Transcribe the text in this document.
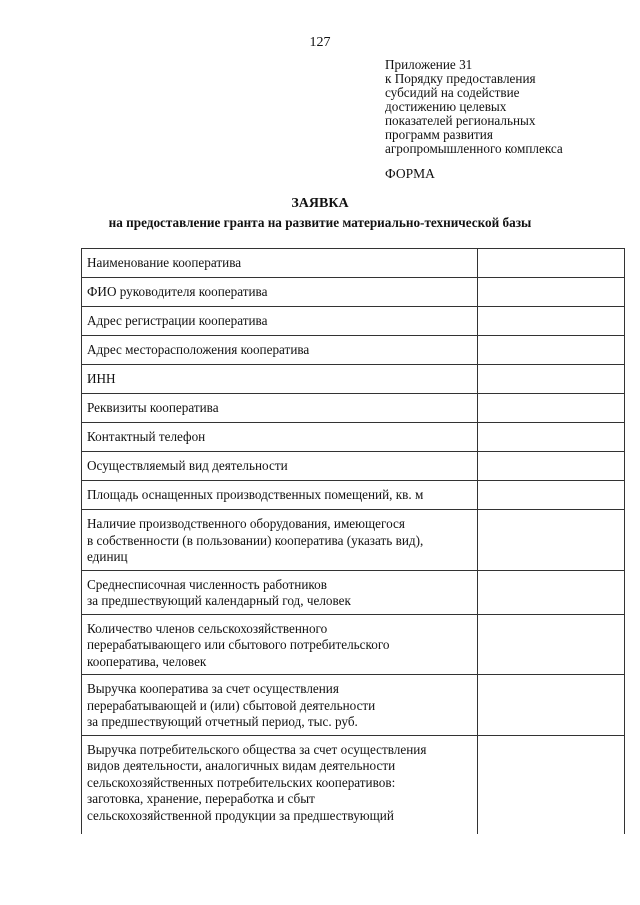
127
Приложение 31
к Порядку предоставления
субсидий на содействие
достижению целевых
показателей региональных
программ развития
агропромышленного комплекса
ФОРМА
ЗАЯВКА
на предоставление гранта на развитие материально-технической базы
Наименование кооператива	

ФИО руководителя кооператива	

Адрес регистрации кооператива	

Адрес месторасположения кооператива	

ИНН	

Реквизиты кооператива	

Контактный телефон	

Осуществляемый вид деятельности	

Площадь оснащенных производственных помещений, кв. м	

Наличие производственного оборудования, имеющегося
в собственности (в пользовании) кооператива (указать вид),
единиц	

Среднесписочная численность работников
за предшествующий календарный год, человек	

Количество членов сельскохозяйственного
перерабатывающего или сбытового потребительского
кооператива, человек	

Выручка кооператива за счет осуществления
перерабатывающей и (или) сбытовой деятельности
за предшествующий отчетный период, тыс. руб.	

Выручка потребительского общества за счет осуществления
видов деятельности, аналогичных видам деятельности
сельскохозяйственных потребительских кооперативов:
заготовка, хранение, переработка и сбыт
сельскохозяйственной продукции за предшествующий	
